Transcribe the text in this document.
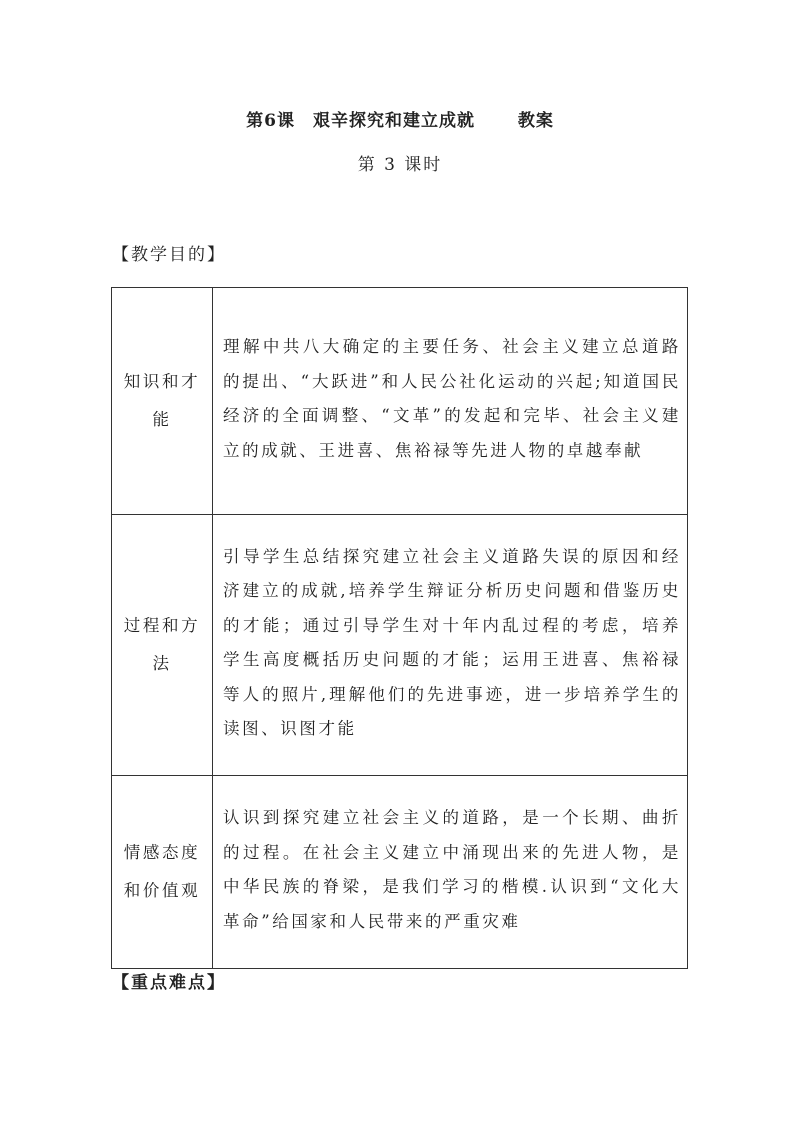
第6课　艰辛探究和建立成就　　 教案
第 3 课时
【教学目的】
知识和才能	理解中共八大确定的主要任务、社会主义建立总道路的提出、“大跃进”和人民公社化运动的兴起;知道国民经济的全面调整、“文革”的发起和完毕、社会主义建立的成就、王进喜、焦裕禄等先进人物的卓越奉献
过程和方法	引导学生总结探究建立社会主义道路失误的原因和经济建立的成就,培养学生辩证分析历史问题和借鉴历史的才能；通过引导学生对十年内乱过程的考虑，培养学生高度概括历史问题的才能；运用王进喜、焦裕禄等人的照片,理解他们的先进事迹，进一步培养学生的读图、识图才能
情感态度和价值观	认识到探究建立社会主义的道路，是一个长期、曲折的过程。在社会主义建立中涌现出来的先进人物，是中华民族的脊梁，是我们学习的楷模.认识到“文化大革命”给国家和人民带来的严重灾难
【重点难点】
